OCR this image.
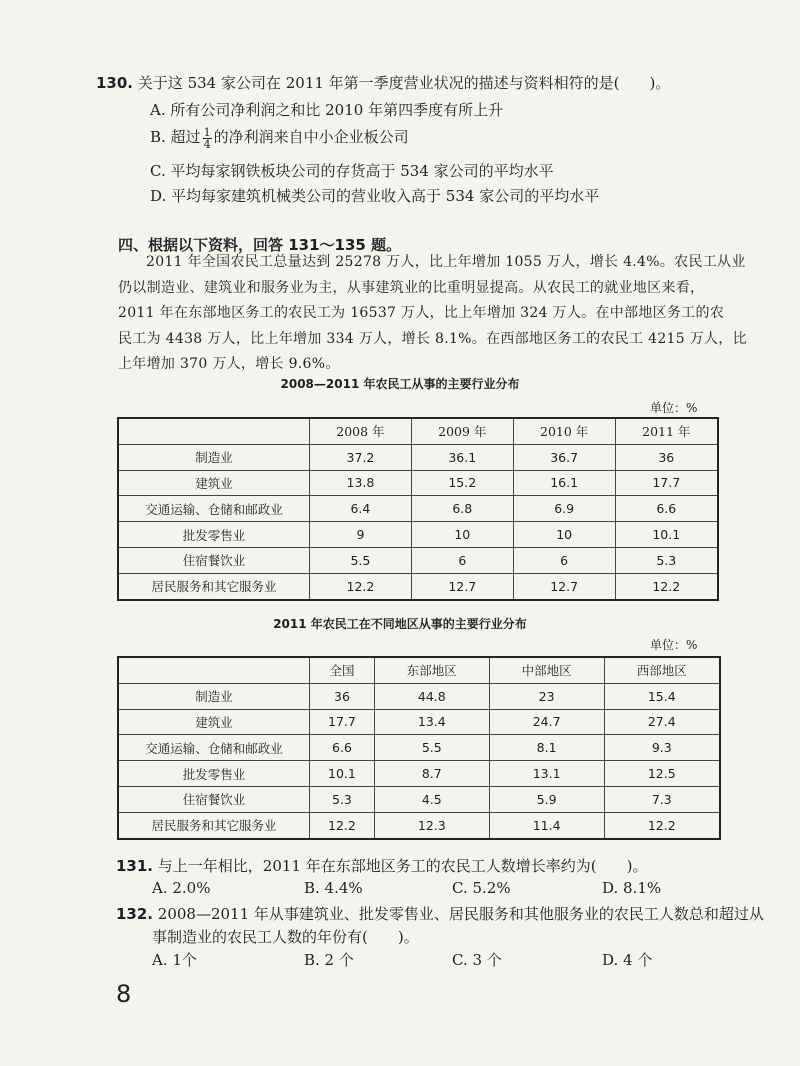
130. 关于这 534 家公司在 2011 年第一季度营业状况的描述与资料相符的是(　　)。
A. 所有公司净利润之和比 2010 年第四季度有所上升
B. 超过 $\frac{1}{4}$ 的净利润来自中小企业板公司
C. 平均每家钢铁板块公司的存货高于 534 家公司的平均水平
D. 平均每家建筑机械类公司的营业收入高于 534 家公司的平均水平
四、根据以下资料，回答 131～135 题。
2011 年全国农民工总量达到 25278 万人，比上年增加 1055 万人，增长 4.4%。农民工从业
仍以制造业、建筑业和服务业为主，从事建筑业的比重明显提高。从农民工的就业地区来看，
2011 年在东部地区务工的农民工为 16537 万人，比上年增加 324 万人。在中部地区务工的农
民工为 4438 万人，比上年增加 334 万人，增长 8.1%。在西部地区务工的农民工 4215 万人，比
上年增加 370 万人，增长 9.6%。
2008—2011 年农民工从事的主要行业分布
单位：%
	2008 年	2009 年	2010 年	2011 年
制造业	37.2	36.1	36.7	36
建筑业	13.8	15.2	16.1	17.7
交通运输、仓储和邮政业	6.4	6.8	6.9	6.6
批发零售业	9	10	10	10.1
住宿餐饮业	5.5	6	6	5.3
居民服务和其它服务业	12.2	12.7	12.7	12.2
2011 年农民工在不同地区从事的主要行业分布
单位：%
	全国	东部地区	中部地区	西部地区
制造业	36	44.8	23	15.4
建筑业	17.7	13.4	24.7	27.4
交通运输、仓储和邮政业	6.6	5.5	8.1	9.3
批发零售业	10.1	8.7	13.1	12.5
住宿餐饮业	5.3	4.5	5.9	7.3
居民服务和其它服务业	12.2	12.3	11.4	12.2
131. 与上一年相比，2011 年在东部地区务工的农民工人数增长率约为(　　)。
A. 2.0%	B. 4.4%	C. 5.2%	D. 8.1%
132. 2008—2011 年从事建筑业、批发零售业、居民服务和其他服务业的农民工人数总和超过从
事制造业的农民工人数的年份有(　　)。
A. 1个	B. 2 个	C. 3 个	D. 4 个
8
